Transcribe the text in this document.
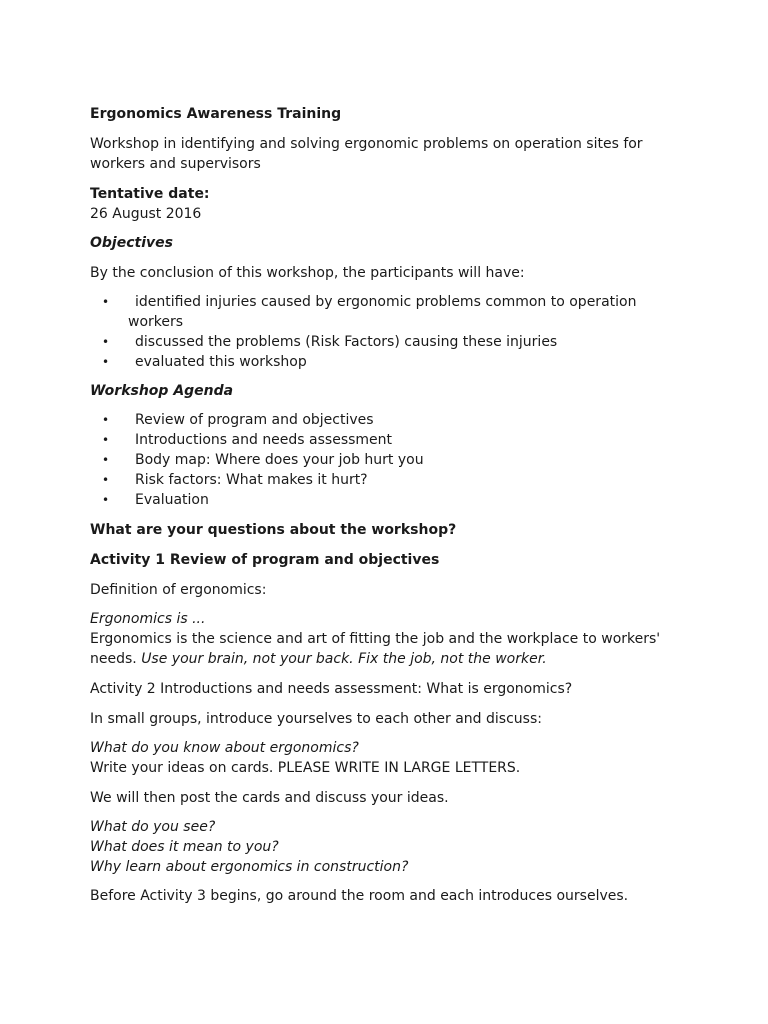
Ergonomics Awareness Training
Workshop in identifying and solving ergonomic problems on operation sites for
workers and supervisors
Tentative date:
26 August 2016
Objectives
By the conclusion of this workshop, the participants will have:
• identified injuries caused by ergonomic problems common to operation
workers
• discussed the problems (Risk Factors) causing these injuries
• evaluated this workshop
Workshop Agenda
• Review of program and objectives
• Introductions and needs assessment
• Body map: Where does your job hurt you
• Risk factors: What makes it hurt?
• Evaluation
What are your questions about the workshop?
Activity 1 Review of program and objectives
Definition of ergonomics:
Ergonomics is ...
Ergonomics is the science and art of fitting the job and the workplace to workers'
needs. Use your brain, not your back. Fix the job, not the worker.
Activity 2 Introductions and needs assessment: What is ergonomics?
In small groups, introduce yourselves to each other and discuss:
What do you know about ergonomics?
Write your ideas on cards. PLEASE WRITE IN LARGE LETTERS.
We will then post the cards and discuss your ideas.
What do you see?
What does it mean to you?
Why learn about ergonomics in construction?
Before Activity 3 begins, go around the room and each introduces ourselves.
